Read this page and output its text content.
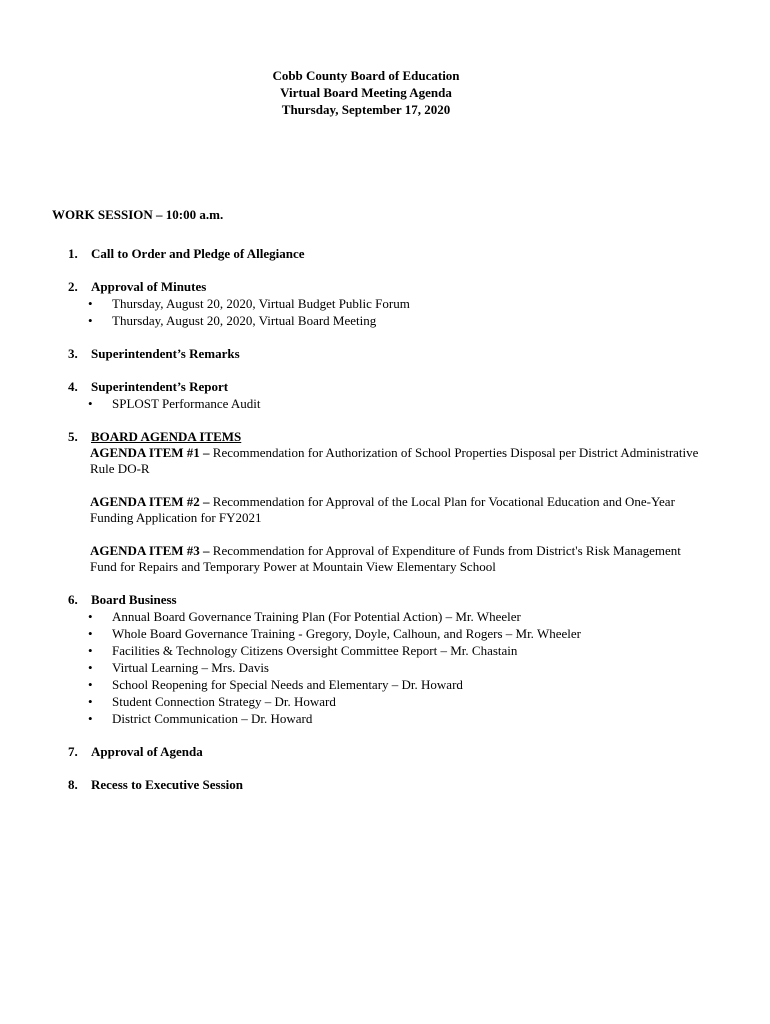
Cobb County Board of Education
Virtual Board Meeting Agenda
Thursday, September 17, 2020
WORK SESSION – 10:00 a.m.
1.	Call to Order and Pledge of Allegiance
2.	Approval of Minutes
• Thursday, August 20, 2020, Virtual Budget Public Forum
• Thursday, August 20, 2020, Virtual Board Meeting
3.	Superintendent’s Remarks
4.	Superintendent’s Report
• SPLOST Performance Audit
5.	BOARD AGENDA ITEMS
AGENDA ITEM #1 – Recommendation for Authorization of School Properties Disposal per District Administrative Rule DO-R
AGENDA ITEM #2 – Recommendation for Approval of the Local Plan for Vocational Education and One-Year Funding Application for FY2021
AGENDA ITEM #3 – Recommendation for Approval of Expenditure of Funds from District's Risk Management Fund for Repairs and Temporary Power at Mountain View Elementary School
6.	Board Business
• Annual Board Governance Training Plan (For Potential Action) – Mr. Wheeler
• Whole Board Governance Training - Gregory, Doyle, Calhoun, and Rogers – Mr. Wheeler
• Facilities & Technology Citizens Oversight Committee Report – Mr. Chastain
• Virtual Learning – Mrs. Davis
• School Reopening for Special Needs and Elementary – Dr. Howard
• Student Connection Strategy – Dr. Howard
• District Communication – Dr. Howard
7.	Approval of Agenda
8.	Recess to Executive Session
